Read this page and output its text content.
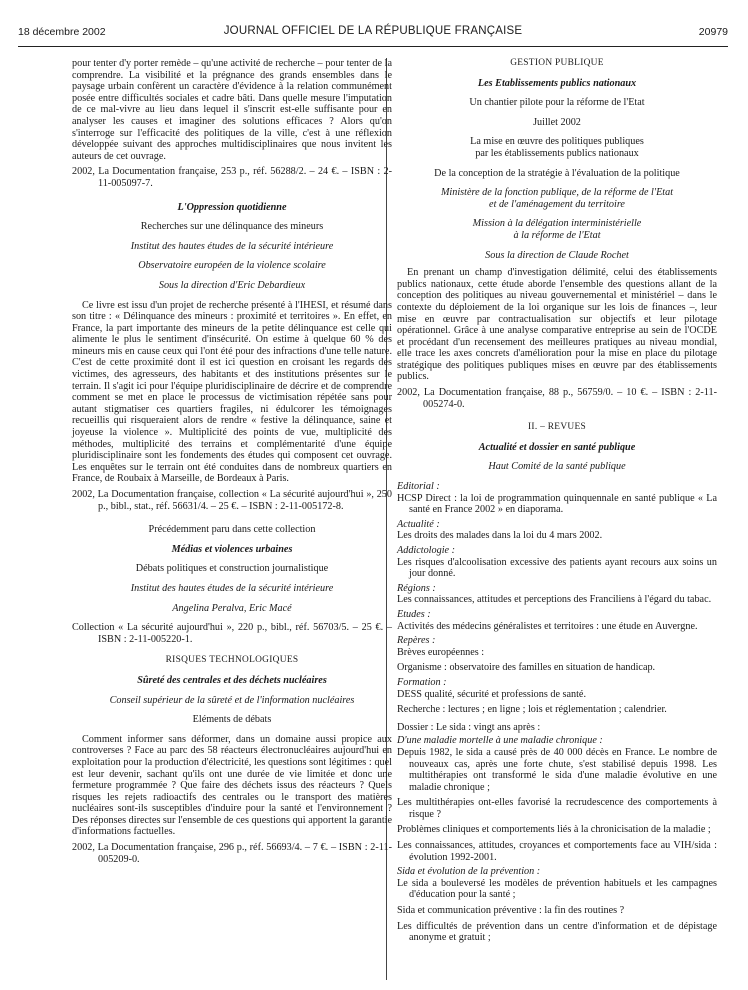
18 décembre 2002	JOURNAL OFFICIEL DE LA RÉPUBLIQUE FRANÇAISE	20979

pour tenter d'y porter remède – qu'une activité de recherche – pour tenter de la comprendre. La visibilité et la prégnance des grands ensembles dans le paysage urbain confèrent un caractère d'évidence à la relation communément posée entre difficultés sociales et cadre bâti. Dans quelle mesure l'imputation de ce mal-vivre au lieu dans lequel il s'inscrit est-elle suffisante pour en analyser les causes et imaginer des solutions efficaces ? Alors qu'on s'interroge sur l'efficacité des politiques de la ville, c'est à une réflexion développée suivant des approches multidisciplinaires que nous invitent les auteurs de cet ouvrage.

2002, La Documentation française, 253 p., réf. 56288/2. – 24 €. – ISBN : 2-11-005097-7.

L'Oppression quotidienne

Recherches sur une délinquance des mineurs

Institut des hautes études de la sécurité intérieure

Observatoire européen de la violence scolaire

Sous la direction d'Eric Debardieux

Ce livre est issu d'un projet de recherche présenté à l'IHESI, et résumé dans son titre : « Délinquance des mineurs : proximité et territoires ». En effet, en France, la part importante des mineurs de la petite délinquance est celle qui alimente le plus le sentiment d'insécurité. On estime à quelque 60 % des mineurs mis en cause ceux qui l'ont été pour des infractions d'une telle nature. C'est de cette proximité dont il est ici question en croisant les regards des victimes, des agresseurs, des habitants et des institutions présentes sur le terrain. Il s'agit ici pour l'équipe pluridisciplinaire de décrire et de comprendre comment se met en place le processus de victimisation répétée sans pour autant stigmatiser ces quartiers fragiles, ni édulcorer les témoignages recueillis qui risqueraient alors de rendre « festive la délinquance, saine et joyeuse la violence ». Multiplicité des points de vue, multiplicité des méthodes, multiplicité des terrains et complémentarité d'une équipe pluridisciplinaire sont les fondements des études qui composent cet ouvrage. Les enquêtes sur le terrain ont été conduites dans de nombreux quartiers en France, de Roubaix à Marseille, de Bordeaux à Paris.

2002, La Documentation française, collection « La sécurité aujourd'hui », 250 p., bibl., stat., réf. 56631/4. – 25 €. – ISBN : 2-11-005172-8.

Précédemment paru dans cette collection

Médias et violences urbaines

Débats politiques et construction journalistique

Institut des hautes études de la sécurité intérieure

Angelina Peralva, Eric Macé

Collection « La sécurité aujourd'hui », 220 p., bibl., réf. 56703/5. – 25 €. – ISBN : 2-11-005220-1.

RISQUES TECHNOLOGIQUES

Sûreté des centrales et des déchets nucléaires

Conseil supérieur de la sûreté et de l'information nucléaires

Eléments de débats

Comment informer sans déformer, dans un domaine aussi propice aux controverses ? Face au parc des 58 réacteurs électronucléaires aujourd'hui en exploitation pour la production d'électricité, les questions sont légitimes : quel est leur devenir, sachant qu'ils ont une durée de vie limitée et donc une fermeture programmée ? Que faire des déchets issus des réacteurs ? Quels risques les rejets radioactifs des centrales ou le transport des matières nucléaires sont-ils susceptibles d'induire pour la santé et l'environnement ? Des réponses directes sur l'ensemble de ces questions qui apportent la garantie d'informations factuelles.

2002, La Documentation française, 296 p., réf. 56693/4. – 7 €. – ISBN : 2-11-005209-0.

GESTION PUBLIQUE

Les Etablissements publics nationaux

Un chantier pilote pour la réforme de l'Etat

Juillet 2002

La mise en œuvre des politiques publiques

par les établissements publics nationaux

De la conception de la stratégie à l'évaluation de la politique

Ministère de la fonction publique, de la réforme de l'Etat

et de l'aménagement du territoire

Mission à la délégation interministérielle

à la réforme de l'Etat

Sous la direction de Claude Rochet

En prenant un champ d'investigation délimité, celui des établissements publics nationaux, cette étude aborde l'ensemble des questions allant de la conception des politiques au niveau gouvernemental et ministériel – dans le contexte du déploiement de la loi organique sur les lois de finances –, leur mise en œuvre par contractualisation sur objectifs et leur pilotage opérationnel. Grâce à une analyse comparative entreprise au sein de l'OCDE et procédant d'un recensement des meilleures pratiques au niveau mondial, elle trace les axes concrets d'amélioration pour la mise en place du pilotage stratégique des politiques publiques mises en œuvre par des établissements publics.

2002, La Documentation française, 88 p., 56759/0. – 10 €. – ISBN : 2-11-005274-0.

II. – REVUES

Actualité et dossier en santé publique

Haut Comité de la santé publique

Editorial :

HCSP Direct : la loi de programmation quinquennale en santé publique « La santé en France 2002 » en diaporama.

Actualité :

Les droits des malades dans la loi du 4 mars 2002.

Addictologie :

Les risques d'alcoolisation excessive des patients ayant recours aux soins un jour donné.

Régions :

Les connaissances, attitudes et perceptions des Franciliens à l'égard du tabac.

Etudes :

Activités des médecins généralistes et territoires : une étude en Auvergne.

Repères :

Brèves européennes :

Organisme : observatoire des familles en situation de handicap.

Formation :

DESS qualité, sécurité et professions de santé.

Recherche : lectures ; en ligne ; lois et réglementation ; calendrier.

Dossier : Le sida : vingt ans après :

D'une maladie mortelle à une maladie chronique :

Depuis 1982, le sida a causé près de 40 000 décès en France. Le nombre de nouveaux cas, après une forte chute, s'est stabilisé depuis 1998. Les multithérapies ont transformé le sida d'une maladie évolutive en une maladie chronique ;

Les multithérapies ont-elles favorisé la recrudescence des comportements à risque ?

Problèmes cliniques et comportements liés à la chronicisation de la maladie ;

Les connaissances, attitudes, croyances et comportements face au VIH/sida : évolution 1992-2001.

Sida et évolution de la prévention :

Le sida a bouleversé les modèles de prévention habituels et les campagnes d'éducation pour la santé ;

Sida et communication préventive : la fin des routines ?

Les difficultés de prévention dans un centre d'information et de dépistage anonyme et gratuit ;
